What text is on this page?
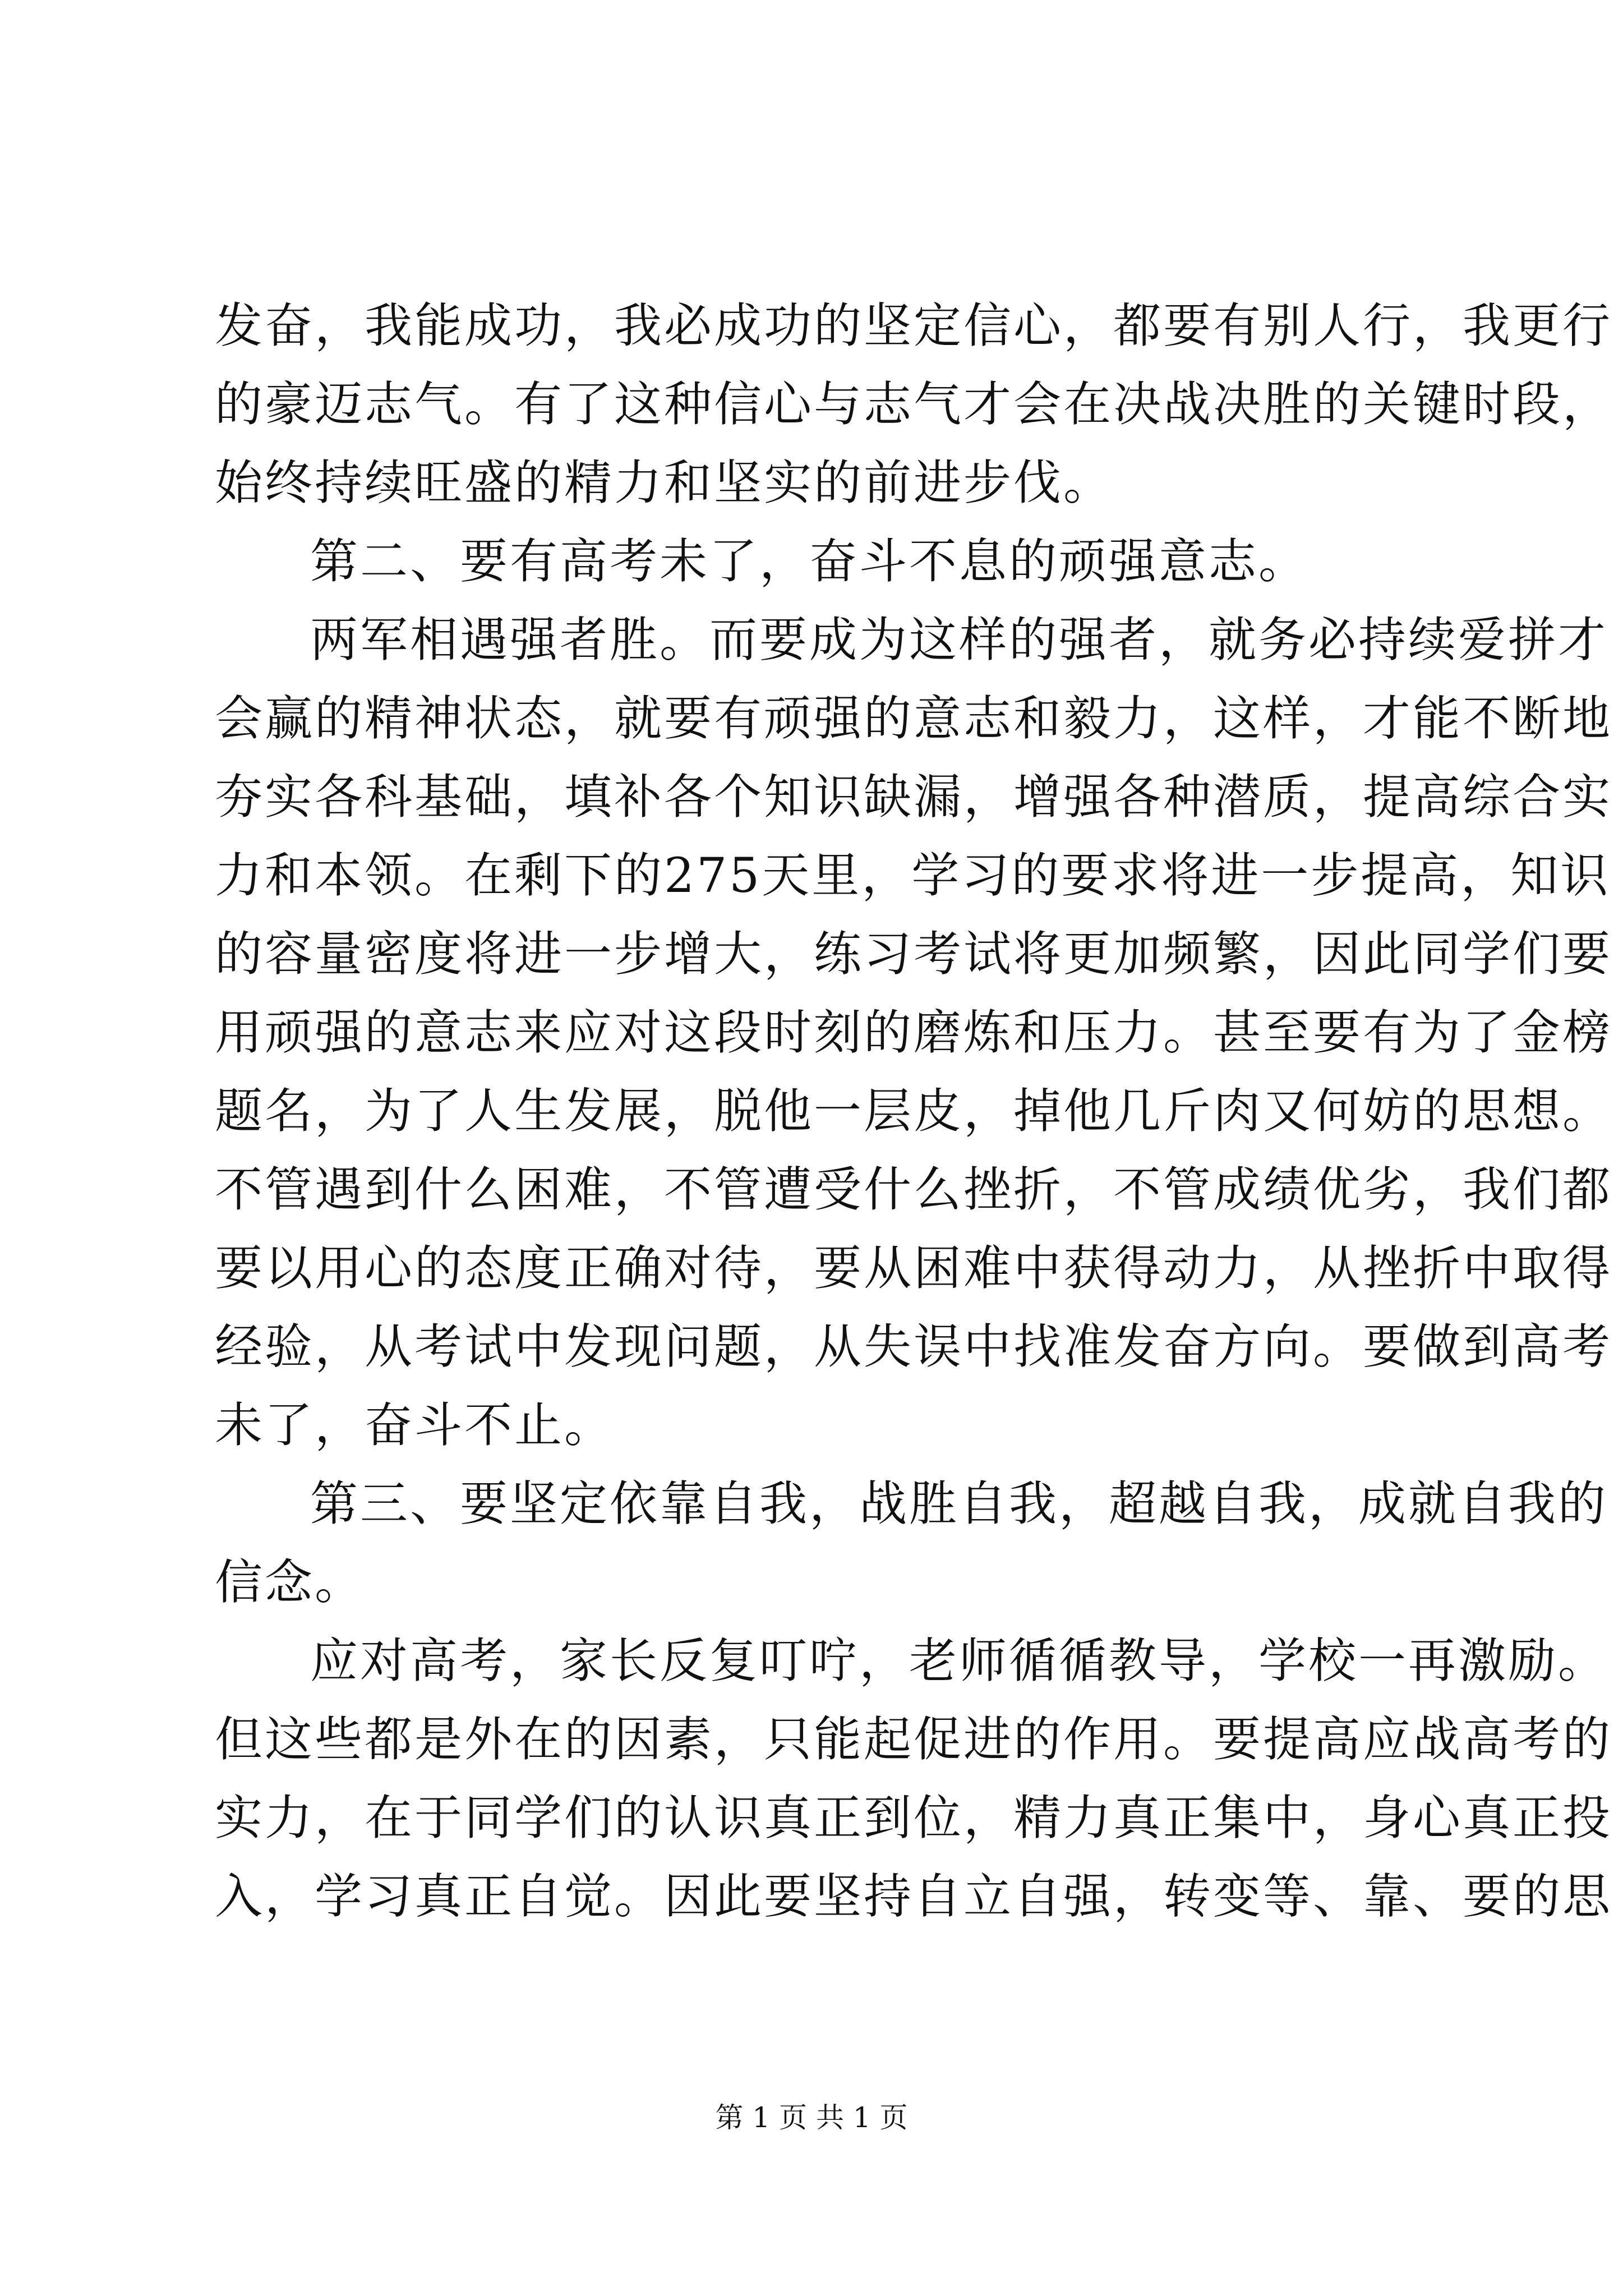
发奋，我能成功，我必成功的坚定信心，都要有别人行，我更行
的豪迈志气。有了这种信心与志气才会在决战决胜的关键时段，
始终持续旺盛的精力和坚实的前进步伐。
第二、要有高考未了，奋斗不息的顽强意志。
两军相遇强者胜。而要成为这样的强者，就务必持续爱拼才
会赢的精神状态，就要有顽强的意志和毅力，这样，才能不断地
夯实各科基础，填补各个知识缺漏，增强各种潜质，提高综合实
力和本领。在剩下的275天里，学习的要求将进一步提高，知识
的容量密度将进一步增大，练习考试将更加频繁，因此同学们要
用顽强的意志来应对这段时刻的磨炼和压力。甚至要有为了金榜
题名，为了人生发展，脱他一层皮，掉他几斤肉又何妨的思想。
不管遇到什么困难，不管遭受什么挫折，不管成绩优劣，我们都
要以用心的态度正确对待，要从困难中获得动力，从挫折中取得
经验，从考试中发现问题，从失误中找准发奋方向。要做到高考
未了，奋斗不止。
第三、要坚定依靠自我，战胜自我，超越自我，成就自我的
信念。
应对高考，家长反复叮咛，老师循循教导，学校一再激励。
但这些都是外在的因素，只能起促进的作用。要提高应战高考的
实力，在于同学们的认识真正到位，精力真正集中，身心真正投
入，学习真正自觉。因此要坚持自立自强，转变等、靠、要的思
第 1 页 共 1 页
